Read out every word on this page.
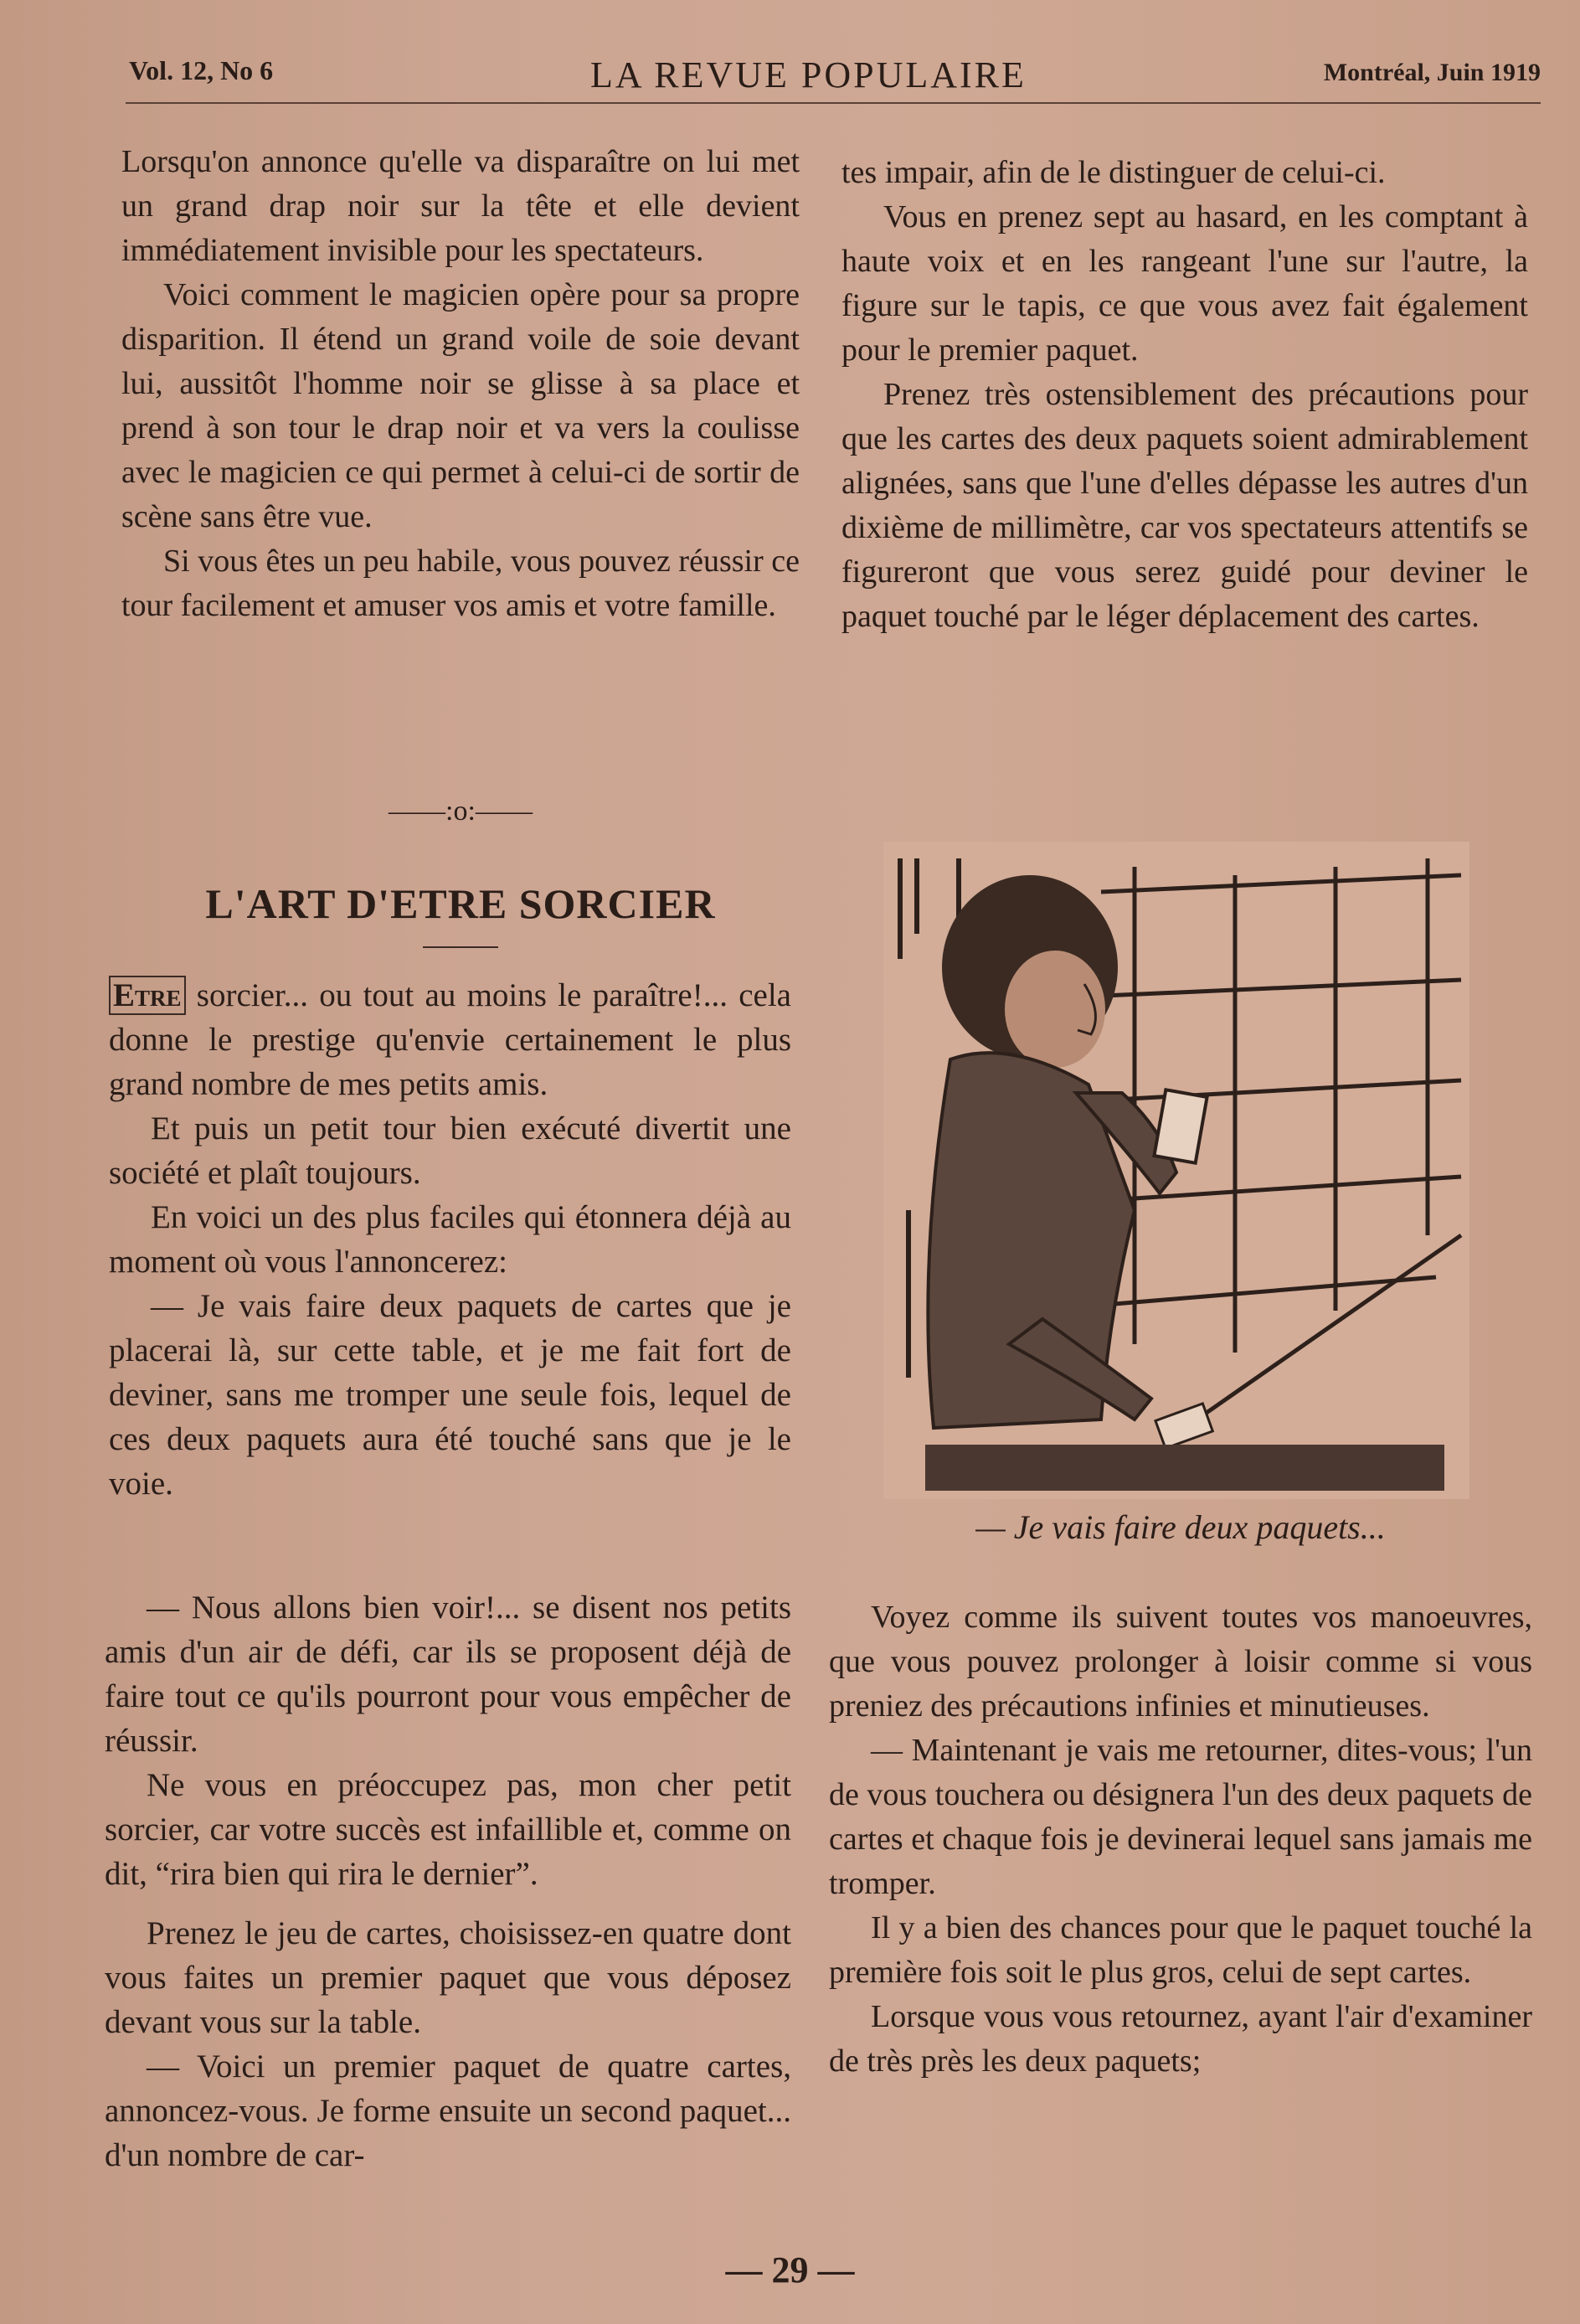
Vol. 12, No 6	LA REVUE POPULAIRE	Montréal, Juin 1919

Lorsqu'on annonce qu'elle va disparaître on lui met un grand drap noir sur la tête et elle devient immédiatement invisible pour les spectateurs.

Voici comment le magicien opère pour sa propre disparition. Il étend un grand voile de soie devant lui, aussitôt l'homme noir se glisse à sa place et prend à son tour le drap noir et va vers la coulisse avec le magicien ce qui permet à celui-ci de sortir de scène sans être vue.

Si vous êtes un peu habile, vous pouvez réussir ce tour facilement et amuser vos amis et votre famille.

——:o:——
L'ART D'ETRE SORCIER

Etre sorcier... ou tout au moins le paraître!... cela donne le prestige qu'envie certainement le plus grand nombre de mes petits amis.

Et puis un petit tour bien exécuté divertit une société et plaît toujours.

En voici un des plus faciles qui étonnera déjà au moment où vous l'annoncerez:

— Je vais faire deux paquets de cartes que je placerai là, sur cette table, et je me fait fort de deviner, sans me tromper une seule fois, lequel de ces deux paquets aura été touché sans que je le voie.

— Nous allons bien voir!... se disent nos petits amis d'un air de défi, car ils se proposent déjà de faire tout ce qu'ils pourront pour vous empêcher de réussir.

Ne vous en préoccupez pas, mon cher petit sorcier, car votre succès est infaillible et, comme on dit, “rira bien qui rira le dernier”.

Prenez le jeu de cartes, choisissez-en quatre dont vous faites un premier paquet que vous déposez devant vous sur la table.

— Voici un premier paquet de quatre cartes, annoncez-vous. Je forme ensuite un second paquet... d'un nombre de car-

tes impair, afin de le distinguer de celui-ci.

Vous en prenez sept au hasard, en les comptant à haute voix et en les rangeant l'une sur l'autre, la figure sur le tapis, ce que vous avez fait également pour le premier paquet.

Prenez très ostensiblement des précautions pour que les cartes des deux paquets soient admirablement alignées, sans que l'une d'elles dépasse les autres d'un dixième de millimètre, car vos spectateurs attentifs se figureront que vous serez guidé pour deviner le paquet touché par le léger déplacement des cartes.

— Je vais faire deux paquets...

Voyez comme ils suivent toutes vos manoeuvres, que vous pouvez prolonger à loisir comme si vous preniez des précautions infinies et minutieuses.

— Maintenant je vais me retourner, dites-vous; l'un de vous touchera ou désignera l'un des deux paquets de cartes et chaque fois je devinerai lequel sans jamais me tromper.

Il y a bien des chances pour que le paquet touché la première fois soit le plus gros, celui de sept cartes.

Lorsque vous vous retournez, ayant l'air d'examiner de très près les deux paquets;

— 29 —
